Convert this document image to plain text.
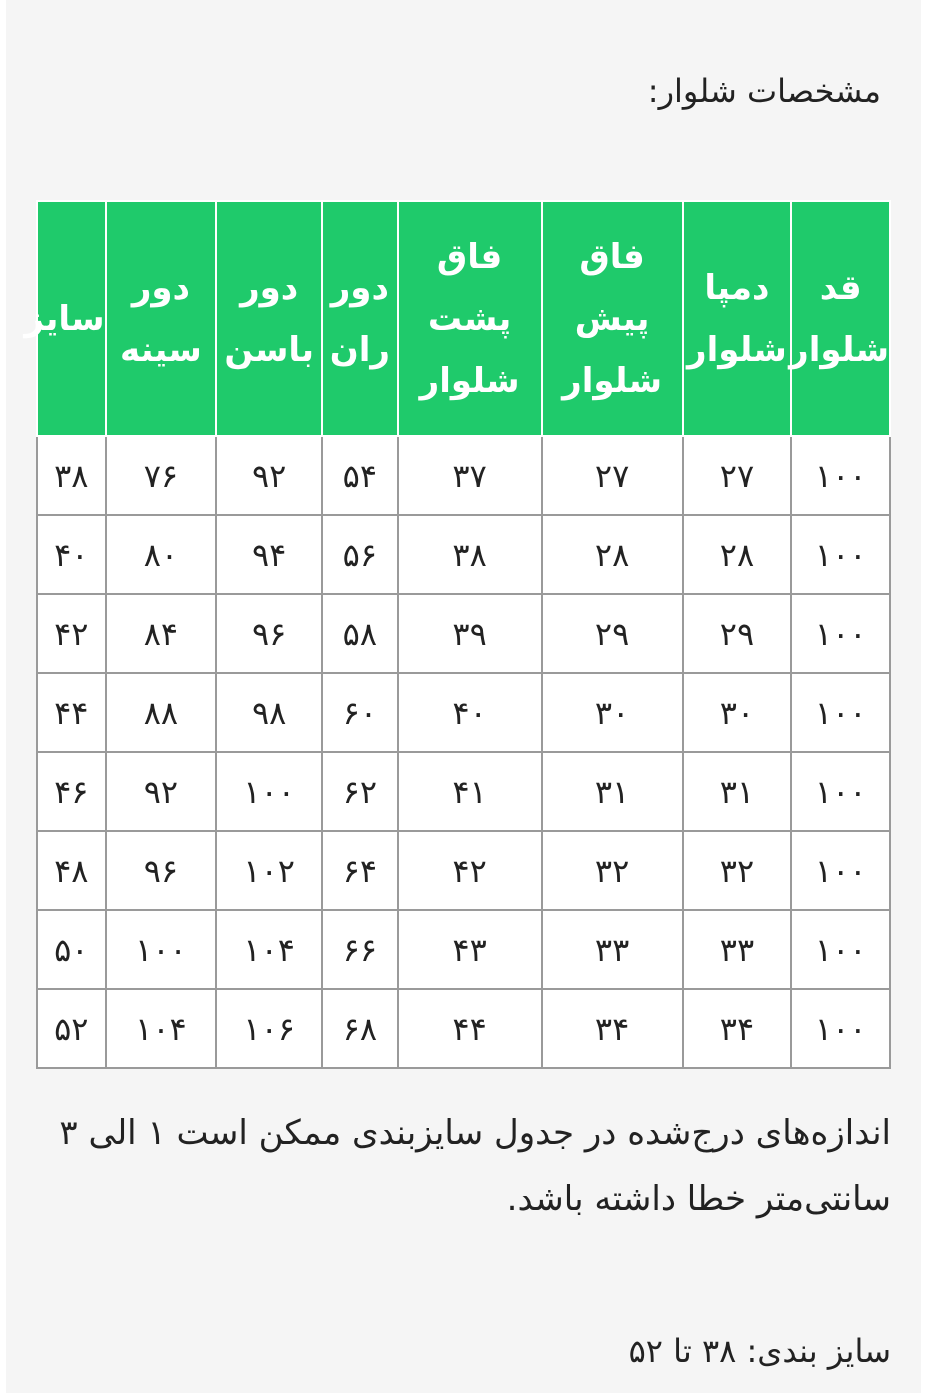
مشخصات شلوار:
قد شلوار	دمپا شلوار	فاق پیش شلوار	فاق پشت شلوار	دور ران	دور باسن	دور سینه	سایز
۱۰۰	۲۷	۲۷	۳۷	۵۴	۹۲	۷۶	۳۸
۱۰۰	۲۸	۲۸	۳۸	۵۶	۹۴	۸۰	۴۰
۱۰۰	۲۹	۲۹	۳۹	۵۸	۹۶	۸۴	۴۲
۱۰۰	۳۰	۳۰	۴۰	۶۰	۹۸	۸۸	۴۴
۱۰۰	۳۱	۳۱	۴۱	۶۲	۱۰۰	۹۲	۴۶
۱۰۰	۳۲	۳۲	۴۲	۶۴	۱۰۲	۹۶	۴۸
۱۰۰	۳۳	۳۳	۴۳	۶۶	۱۰۴	۱۰۰	۵۰
۱۰۰	۳۴	۳۴	۴۴	۶۸	۱۰۶	۱۰۴	۵۲
اندازه‌های درج‌شده در جدول سایزبندی ممکن است ۱ الی ۳ سانتی‌متر خطا داشته باشد.
سایز بندی: ۳۸ تا ۵۲
